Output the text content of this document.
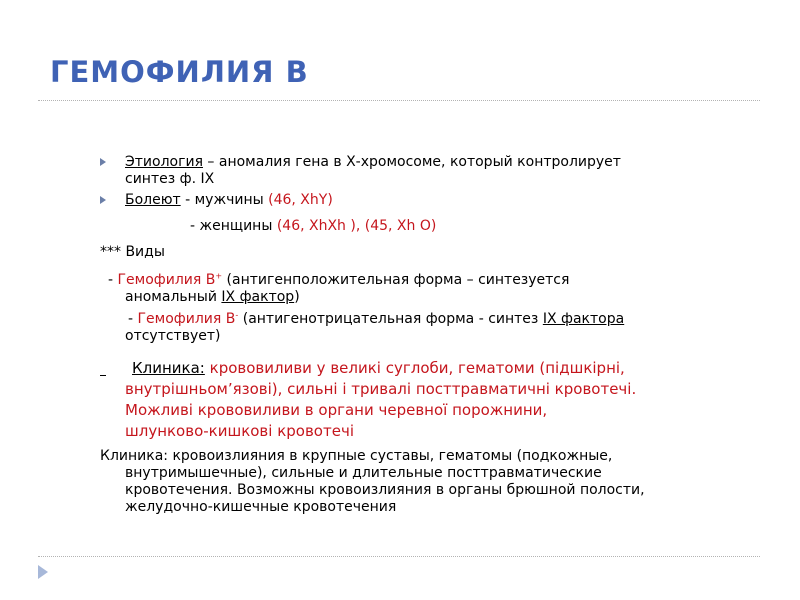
ГЕМОФИЛИЯ В
Этиология – аномалия гена в Х-хромосоме, который контролирует
синтез ф. IX
Болеют - мужчины (46, XhY)
- женщины (46, XhXh ), (45, Xh O)
*** Виды
- Гемофилия B+ (антигенположительная форма – синтезуется
аномальный IX фактор)
- Гемофилия B- (антигенотрицательная форма - синтез IX фактора
отсутствует)
Клиника: крововиливи у великі суглоби, гематоми (підшкірні,
внутрішньом’язові), сильні і тривалі посттравматичні кровотечі.
Можливі крововиливи в органи черевної порожнини,
шлунково-кишкові кровотечі
Клиника: кровоизлияния в крупные суставы, гематомы (подкожные,
внутримышечные), сильные и длительные посттравматические
кровотечения. Возможны кровоизлияния в органы брюшной полости,
желудочно-кишечные кровотечения
